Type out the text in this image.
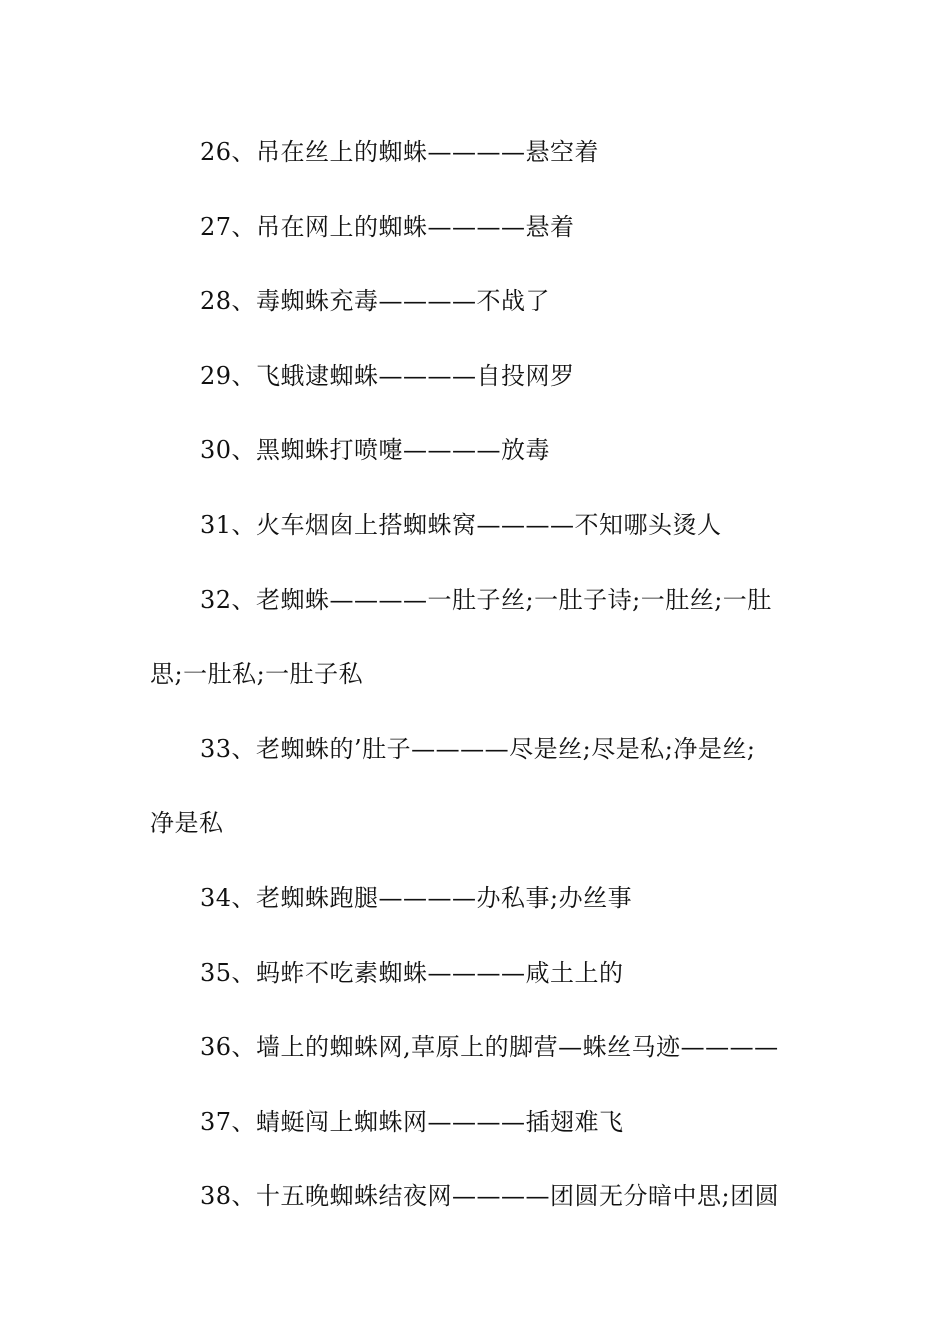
26、吊在丝上的蜘蛛————悬空着
27、吊在网上的蜘蛛————悬着
28、毒蜘蛛充毒————不战了
29、飞蛾逮蜘蛛————自投网罗
30、黑蜘蛛打喷嚏————放毒
31、火车烟囱上搭蜘蛛窝————不知哪头烫人
32、老蜘蛛————一肚子丝;一肚子诗;一肚丝;一肚
思;一肚私;一肚子私
33、老蜘蛛的’肚子————尽是丝;尽是私;净是丝;
净是私
34、老蜘蛛跑腿————办私事;办丝事
35、蚂蚱不吃素蜘蛛————咸土上的
36、墙上的蜘蛛网,草原上的脚营—蛛丝马迹————
37、蜻蜓闯上蜘蛛网————插翅难飞
38、十五晚蜘蛛结夜网————团圆无分暗中思;团圆
